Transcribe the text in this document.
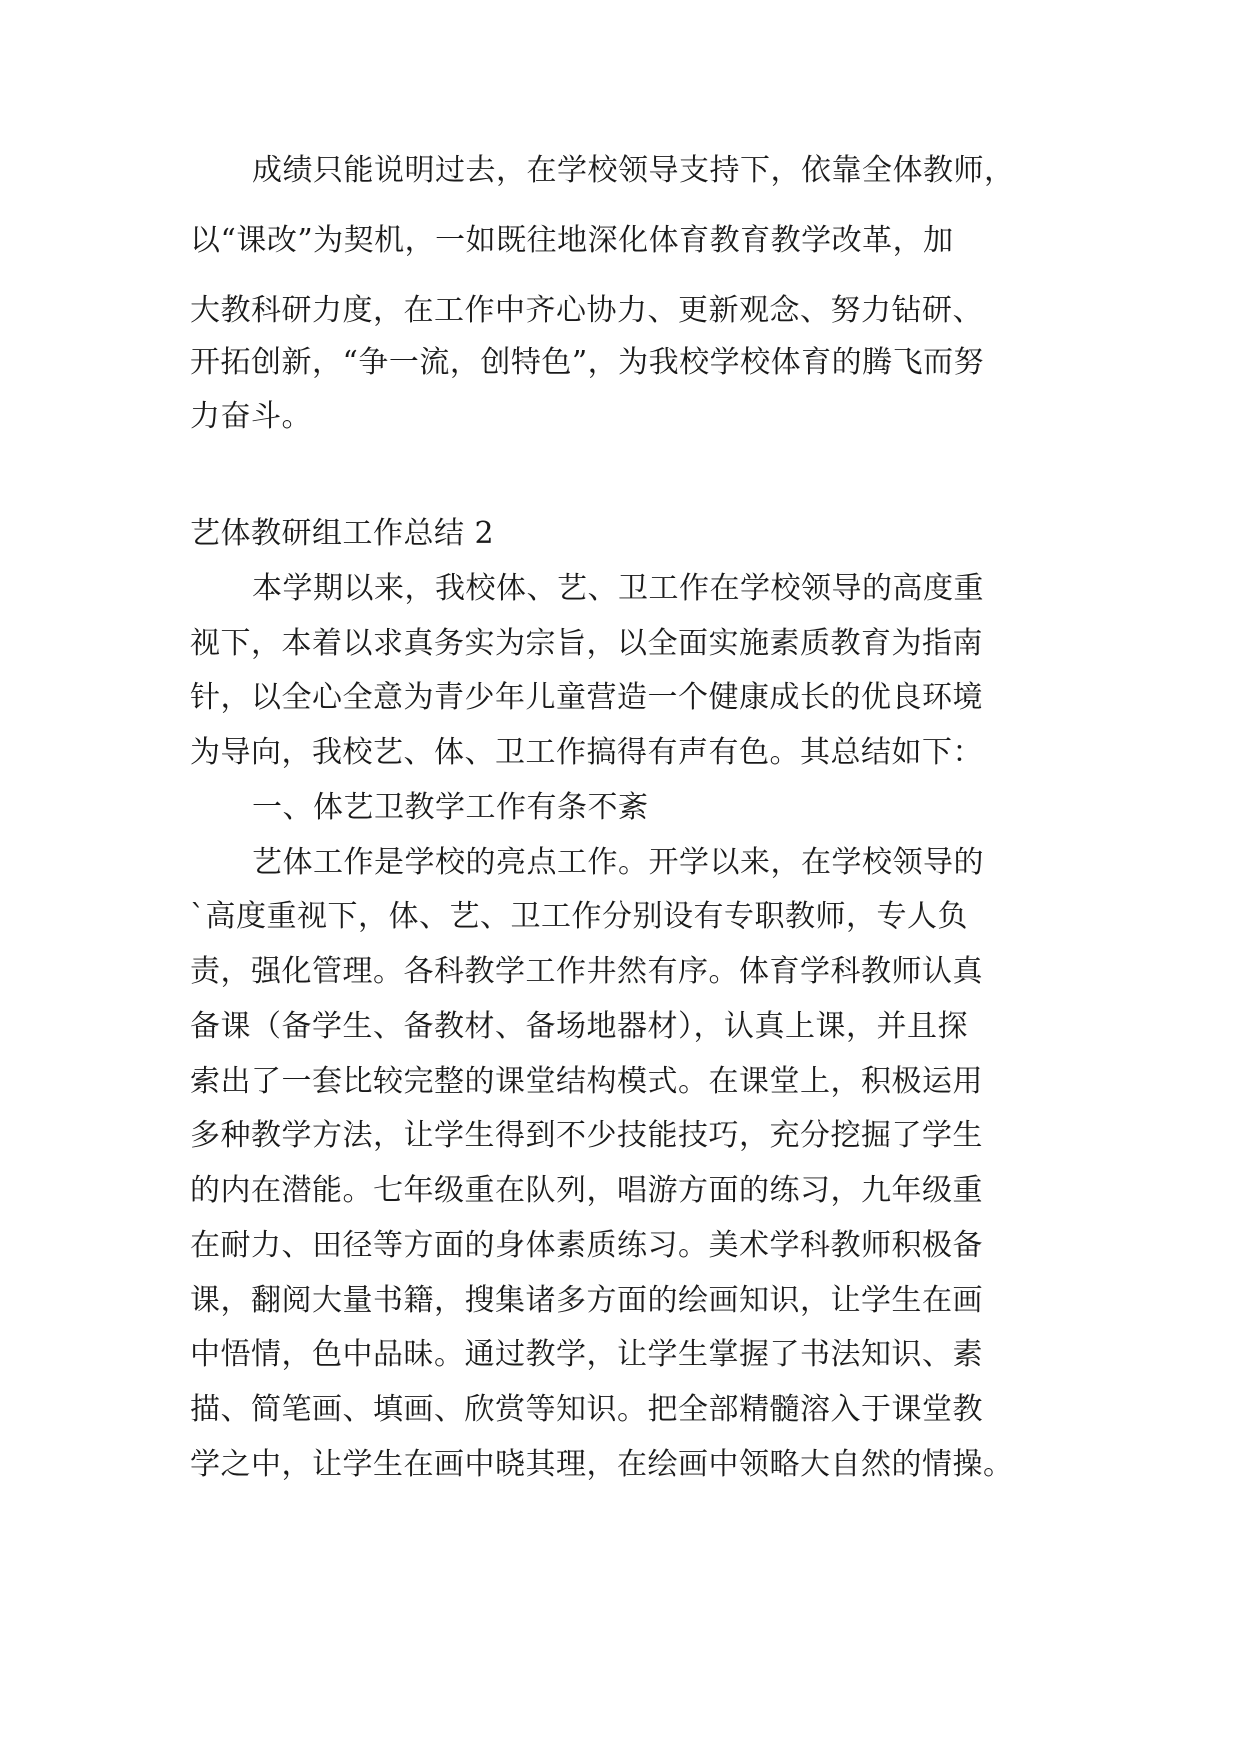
成绩只能说明过去，在学校领导支持下，依靠全体教师，
以“课改”为契机，一如既往地深化体育教育教学改革，加
大教科研力度，在工作中齐心协力、更新观念、努力钻研、
开拓创新，“争一流，创特色”，为我校学校体育的腾飞而努
力奋斗。
艺体教研组工作总结 2
本学期以来，我校体、艺、卫工作在学校领导的高度重
视下，本着以求真务实为宗旨，以全面实施素质教育为指南
针，以全心全意为青少年儿童营造一个健康成长的优良环境
为导向，我校艺、体、卫工作搞得有声有色。其总结如下：
一、体艺卫教学工作有条不紊
艺体工作是学校的亮点工作。开学以来，在学校领导的
`高度重视下，体、艺、卫工作分别设有专职教师，专人负
责，强化管理。各科教学工作井然有序。体育学科教师认真
备课（备学生、备教材、备场地器材），认真上课，并且探
索出了一套比较完整的课堂结构模式。在课堂上，积极运用
多种教学方法，让学生得到不少技能技巧，充分挖掘了学生
的内在潜能。七年级重在队列，唱游方面的练习，九年级重
在耐力、田径等方面的身体素质练习。美术学科教师积极备
课，翻阅大量书籍，搜集诸多方面的绘画知识，让学生在画
中悟情，色中品昧。通过教学，让学生掌握了书法知识、素
描、简笔画、填画、欣赏等知识。把全部精髓溶入于课堂教
学之中，让学生在画中晓其理，在绘画中领略大自然的情操。
